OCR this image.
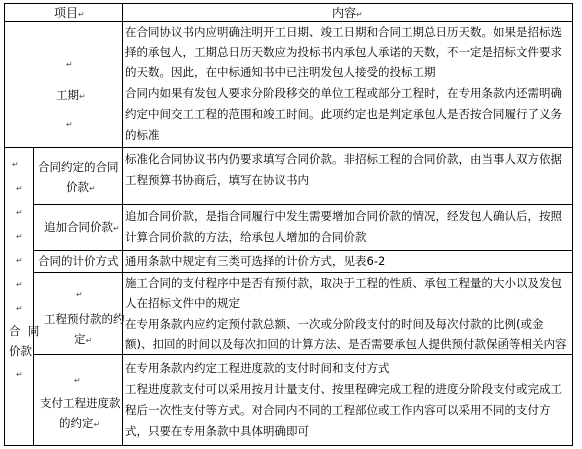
项目↵	内容↵
↵
工期↵
↵
在合同协议书内应明确注明开工日期、竣工日期和合同工期总日历天数。如果是招标选
择的承包人，工期总日历天数应为投标书内承包人承诺的天数，不一定是招标文件要求
的天数。因此，在中标通知书中已注明发包人接受的投标工期
合同内如果有发包人要求分阶段移交的单位工程或部分工程时，在专用条款内还需明确
约定中间交工工程的范围和竣工时间。此项约定也是判定承包人是否按合同履行了义务
的标准
↵
↵
↵
↵
↵
↵
↵
合 同
价款
↵
合同约定的合同
价款↵
标准化合同协议书内仍要求填写合同价款。非招标工程的合同价款，由当事人双方依据
工程预算书协商后，填写在协议书内
追加合同价款↵
追加合同价款，是指合同履行中发生需要增加合同价款的情况，经发包人确认后，按照
计算合同价款的方法，给承包人增加的合同价款
合同的计价方式 通用条款中规定有三类可选择的计价方式，见表6-2
↵
工程预付款的约
定↵
施工合同的支付程序中是否有预付款，取决于工程的性质、承包工程量的大小以及发包
人在招标文件中的规定
在专用条款内应约定预付款总额、一次或分阶段支付的时间及每次付款的比例(或金
额)、扣回的时间以及每次扣回的计算方法、是否需要承包人提供预付款保函等相关内容
↵
支付工程进度款
的约定↵
在专用条款内约定工程进度款的支付时间和支付方式
工程进度款支付可以采用按月计量支付、按里程碑完成工程的进度分阶段支付或完成工
程后一次性支付等方式。对合同内不同的工程部位或工作内容可以采用不同的支付方
式，只要在专用条款中具体明确即可
